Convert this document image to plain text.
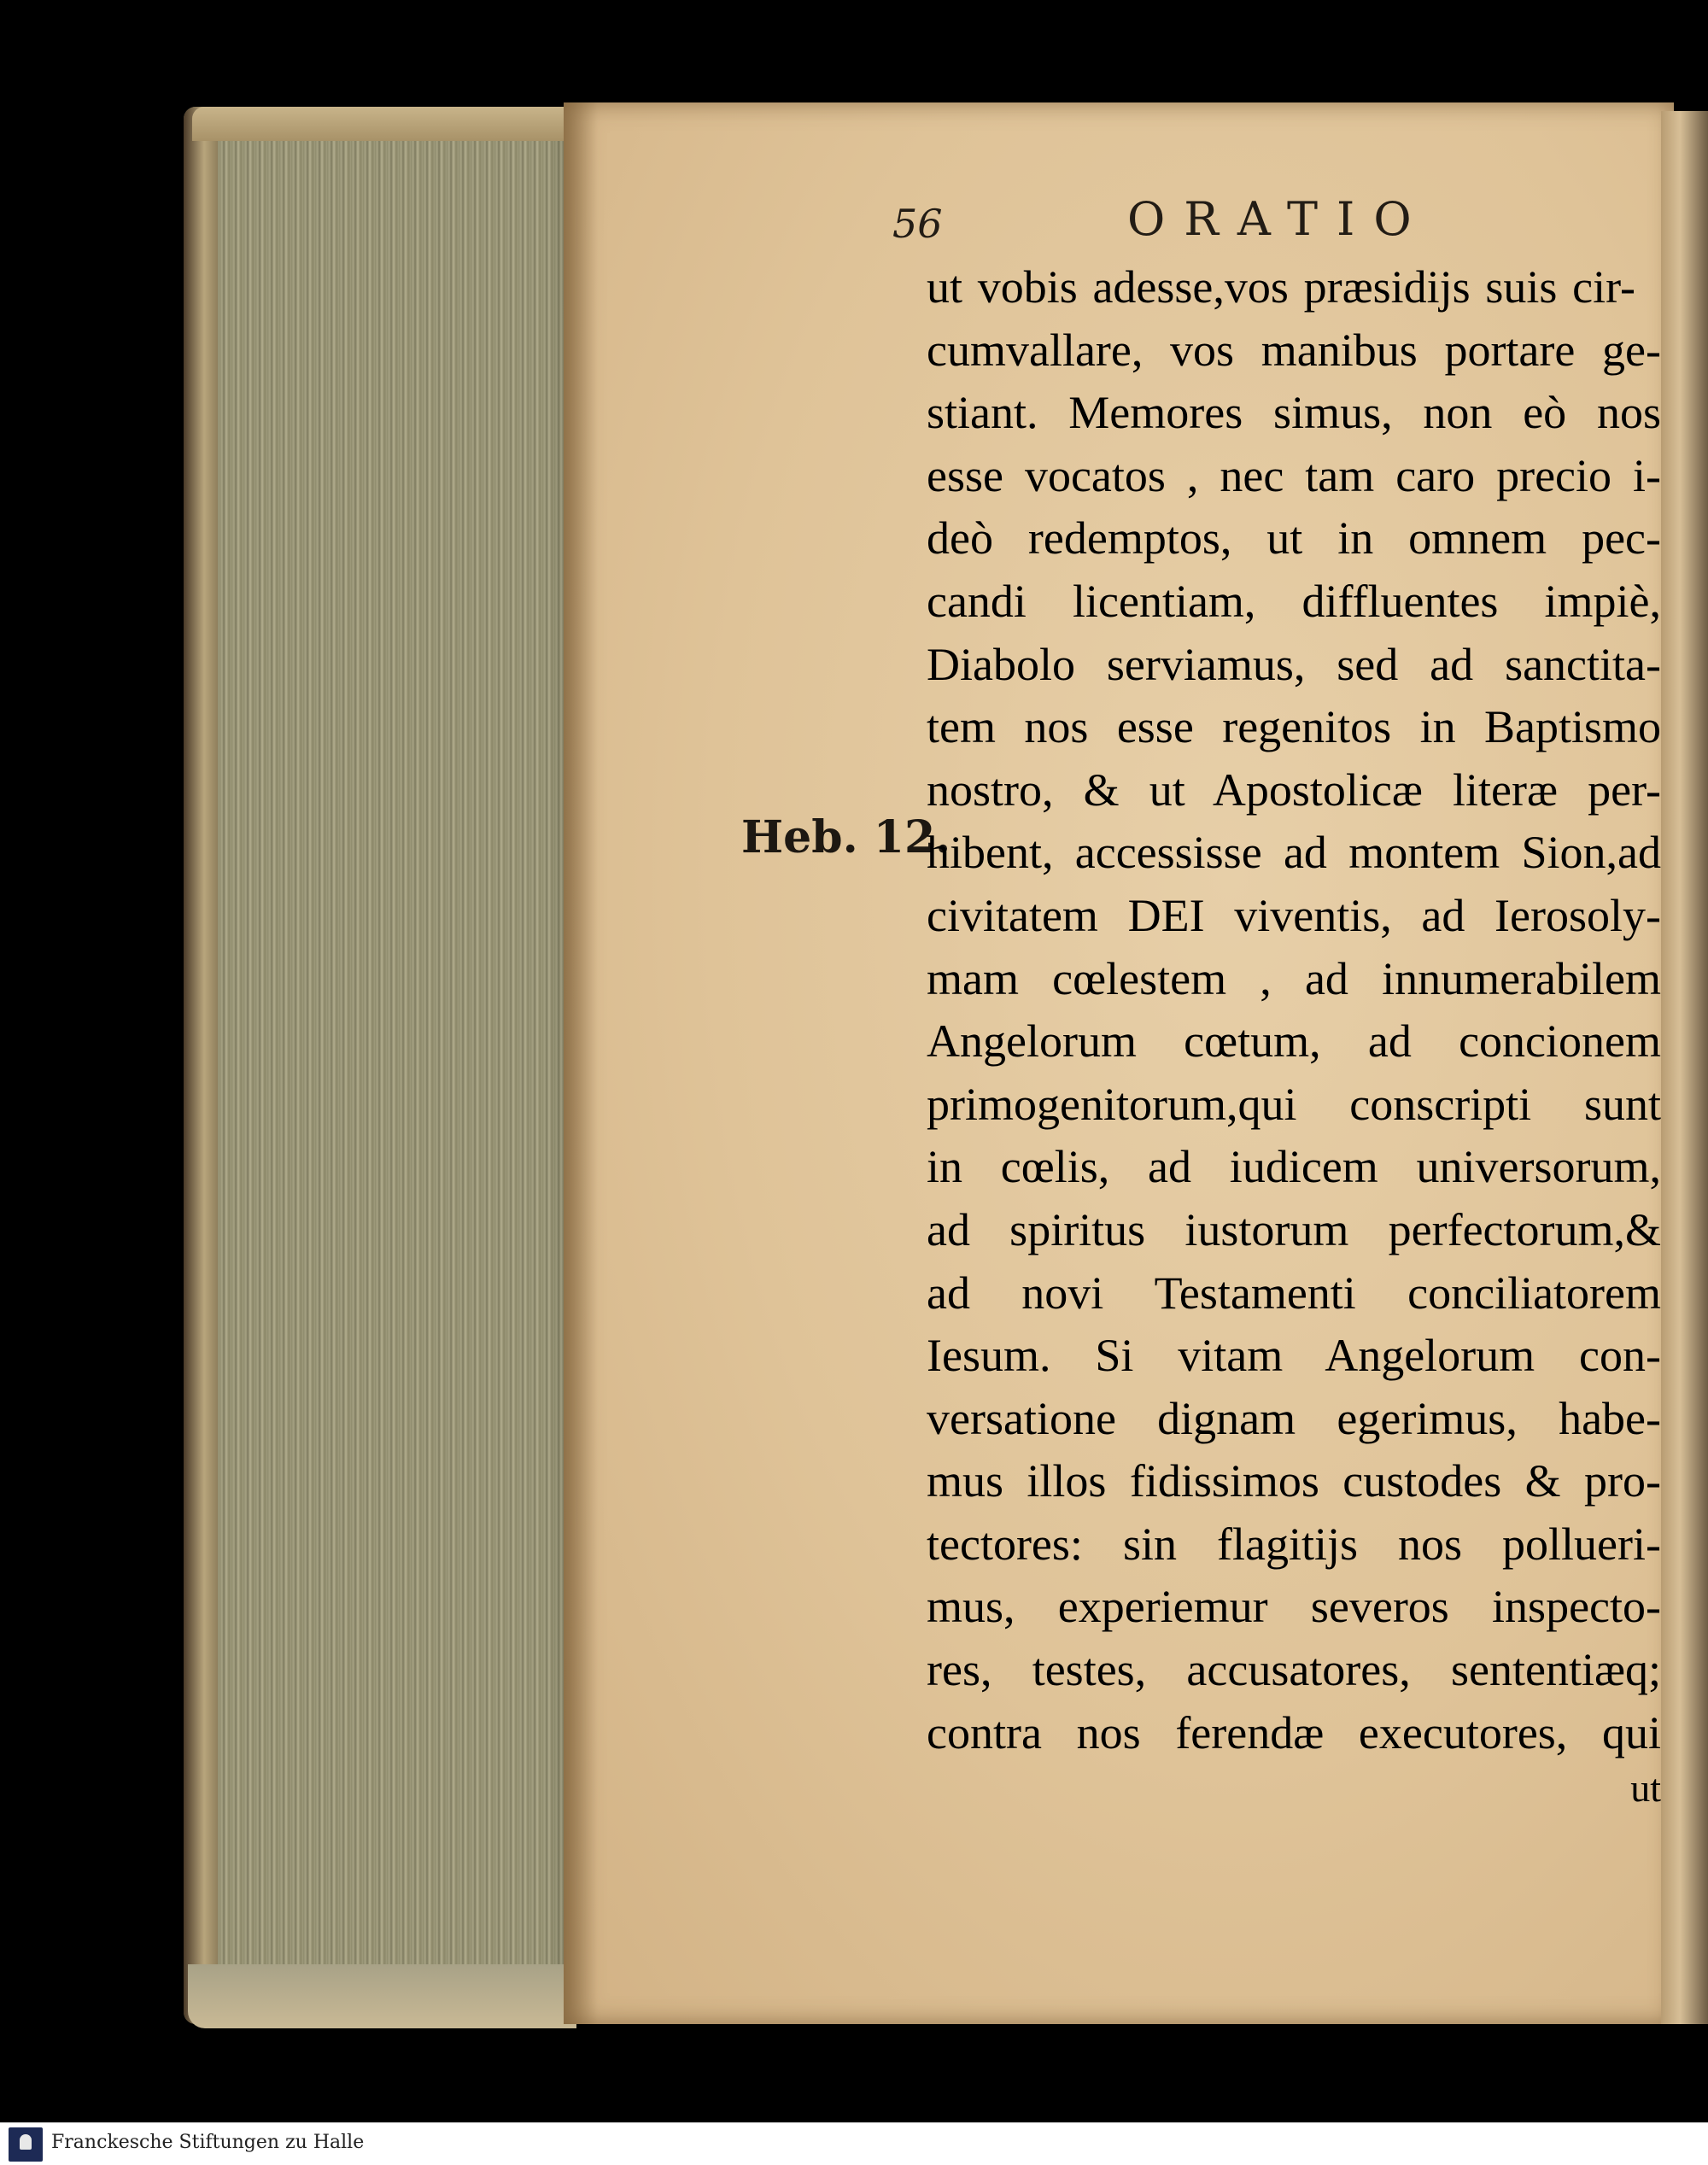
56	ORATIO
Heb. 12.
ut vobis adesse,vos præsidijs suis cir-
cumvallare, vos manibus portare ge-
stiant. Memores simus, non eò nos
esse vocatos , nec tam caro precio i-
deò redemptos, ut in omnem pec-
candi licentiam, diffluentes impiè,
Diabolo serviamus, sed ad sanctita-
tem nos esse regenitos in Baptismo
nostro, & ut Apostolicæ literæ per-
hibent, accessisse ad montem Sion,ad
civitatem DEI viventis, ad Ierosoly-
mam cœlestem , ad innumerabilem
Angelorum cœtum, ad concionem
primogenitorum,qui conscripti sunt
in cœlis, ad iudicem universorum,
ad spiritus iustorum perfectorum,&
ad novi Testamenti conciliatorem
Iesum. Si vitam Angelorum con-
versatione dignam egerimus, habe-
mus illos fidissimos custodes & pro-
tectores: sin flagitijs nos pollueri-
mus, experiemur severos inspecto-
res, testes, accusatores, sententiæq;
contra nos ferendæ executores, qui
ut
Franckesche Stiftungen zu Halle
